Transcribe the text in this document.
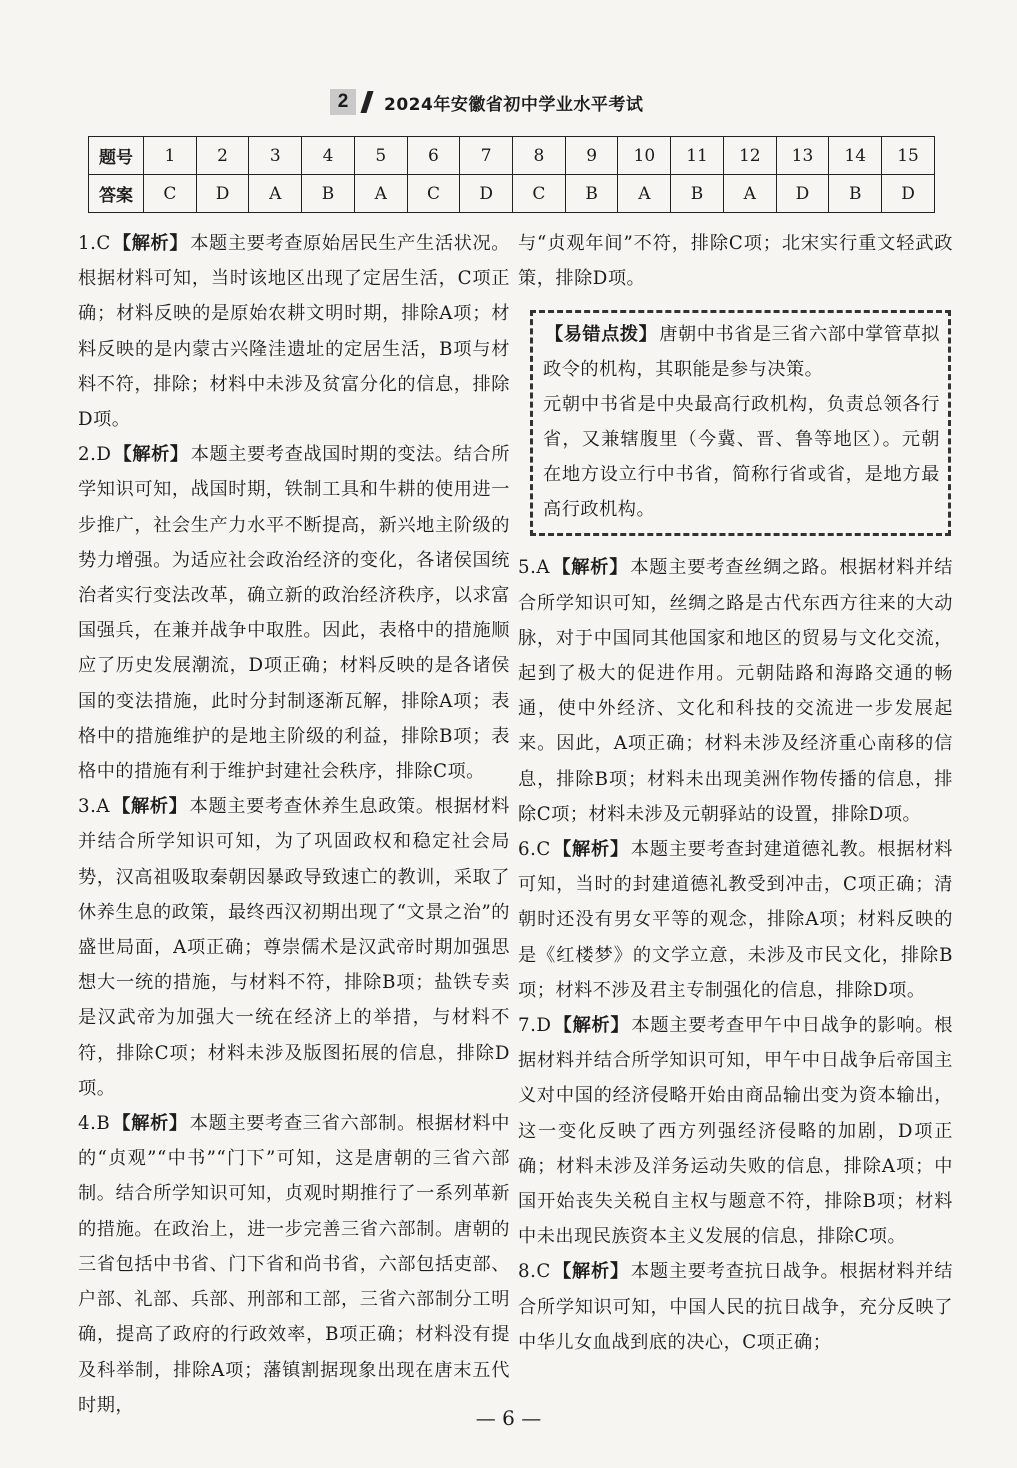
2	2024年安徽省初中学业水平考试
题号	1	2	3	4	5	6	7	8	9	10	11	12	13	14	15
答案	C	D	A	B	A	C	D	C	B	A	B	A	D	B	D

1.C 【解析】 本题主要考查原始居民生产生活状况。根据材料可知，当时该地区出现了定居生活，C项正确；材料反映的是原始农耕文明时期，排除A项；材料反映的是内蒙古兴隆洼遗址的定居生活，B项与材料不符，排除；材料中未涉及贫富分化的信息，排除D项。

2.D 【解析】 本题主要考查战国时期的变法。结合所学知识可知，战国时期，铁制工具和牛耕的使用进一步推广，社会生产力水平不断提高，新兴地主阶级的势力增强。为适应社会政治经济的变化，各诸侯国统治者实行变法改革，确立新的政治经济秩序，以求富国强兵，在兼并战争中取胜。因此，表格中的措施顺应了历史发展潮流，D项正确；材料反映的是各诸侯国的变法措施，此时分封制逐渐瓦解，排除A项；表格中的措施维护的是地主阶级的利益，排除B项；表格中的措施有利于维护封建社会秩序，排除C项。

3.A 【解析】 本题主要考查休养生息政策。根据材料并结合所学知识可知，为了巩固政权和稳定社会局势，汉高祖吸取秦朝因暴政导致速亡的教训，采取了休养生息的政策，最终西汉初期出现了“文景之治”的盛世局面，A项正确；尊崇儒术是汉武帝时期加强思想大一统的措施，与材料不符，排除B项；盐铁专卖是汉武帝为加强大一统在经济上的举措，与材料不符，排除C项；材料未涉及版图拓展的信息，排除D项。

4.B 【解析】 本题主要考查三省六部制。根据材料中的“贞观”“中书”“门下”可知，这是唐朝的三省六部制。结合所学知识可知，贞观时期推行了一系列革新的措施。在政治上，进一步完善三省六部制。唐朝的三省包括中书省、门下省和尚书省，六部包括吏部、户部、礼部、兵部、刑部和工部，三省六部制分工明确，提高了政府的行政效率，B项正确；材料没有提及科举制，排除A项；藩镇割据现象出现在唐末五代时期，

与“贞观年间”不符，排除C项；北宋实行重文轻武政策，排除D项。

【易错点拨】 唐朝中书省是三省六部中掌管草拟政令的机构，其职能是参与决策。

元朝中书省是中央最高行政机构，负责总领各行省，又兼辖腹里（今冀、晋、鲁等地区）。元朝在地方设立行中书省，简称行省或省，是地方最高行政机构。

5.A 【解析】 本题主要考查丝绸之路。根据材料并结合所学知识可知，丝绸之路是古代东西方往来的大动脉，对于中国同其他国家和地区的贸易与文化交流，起到了极大的促进作用。元朝陆路和海路交通的畅通，使中外经济、文化和科技的交流进一步发展起来。因此，A项正确；材料未涉及经济重心南移的信息，排除B项；材料未出现美洲作物传播的信息，排除C项；材料未涉及元朝驿站的设置，排除D项。

6.C 【解析】 本题主要考查封建道德礼教。根据材料可知，当时的封建道德礼教受到冲击，C项正确；清朝时还没有男女平等的观念，排除A项；材料反映的是《红楼梦》的文学立意，未涉及市民文化，排除B项；材料不涉及君主专制强化的信息，排除D项。

7.D 【解析】 本题主要考查甲午中日战争的影响。根据材料并结合所学知识可知，甲午中日战争后帝国主义对中国的经济侵略开始由商品输出变为资本输出，这一变化反映了西方列强经济侵略的加剧，D项正确；材料未涉及洋务运动失败的信息，排除A项；中国开始丧失关税自主权与题意不符，排除B项；材料中未出现民族资本主义发展的信息，排除C项。

8.C 【解析】 本题主要考查抗日战争。根据材料并结合所学知识可知，中国人民的抗日战争，充分反映了中华儿女血战到底的决心，C项正确；

— 6 —
